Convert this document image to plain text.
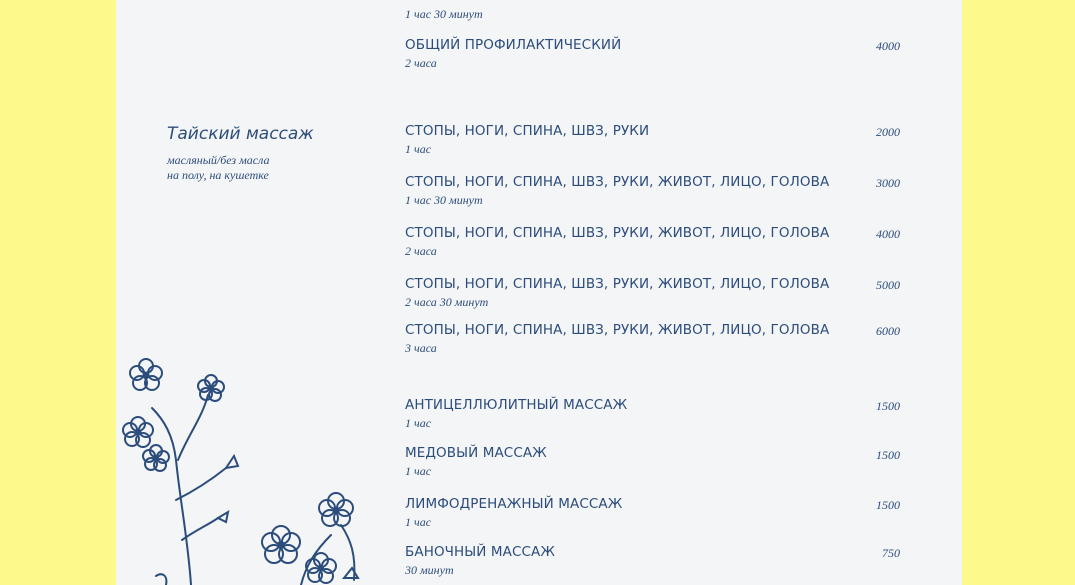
1 час 30 минут
ОБЩИЙ ПРОФИЛАКТИЧЕСКИЙ
2 часа
4000
Тайский массаж
масляный/без масла
на полу, на кушетке
СТОПЫ, НОГИ, СПИНА, ШВЗ, РУКИ
1 час
2000
СТОПЫ, НОГИ, СПИНА, ШВЗ, РУКИ, ЖИВОТ, ЛИЦО, ГОЛОВА
1 час 30 минут
3000
СТОПЫ, НОГИ, СПИНА, ШВЗ, РУКИ, ЖИВОТ, ЛИЦО, ГОЛОВА
2 часа
4000
СТОПЫ, НОГИ, СПИНА, ШВЗ, РУКИ, ЖИВОТ, ЛИЦО, ГОЛОВА
2 часа 30 минут
5000
СТОПЫ, НОГИ, СПИНА, ШВЗ, РУКИ, ЖИВОТ, ЛИЦО, ГОЛОВА
3 часа
6000
АНТИЦЕЛЛЮЛИТНЫЙ МАССАЖ
1 час
1500
МЕДОВЫЙ МАССАЖ
1 час
1500
ЛИМФОДРЕНАЖНЫЙ МАССАЖ
1 час
1500
БАНОЧНЫЙ МАССАЖ
30 минут
750
